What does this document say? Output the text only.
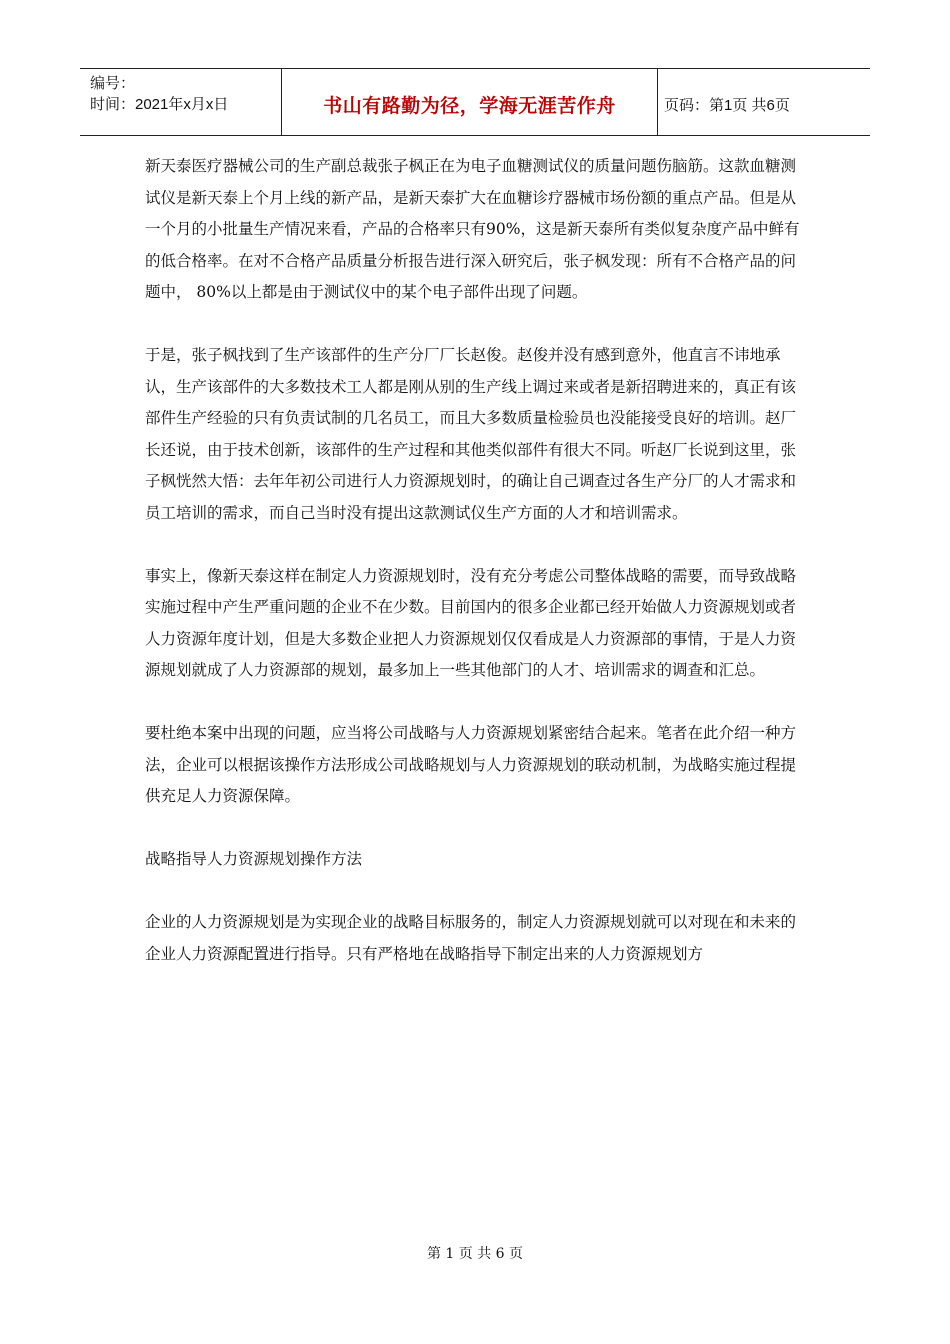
编号：
时间：2021年x月x日	书山有路勤为径，学海无涯苦作舟	页码：第1页 共6页

新天泰医疗器械公司的生产副总裁张子枫正在为电子血糖测试仪的质量问题伤脑筋。这款血糖测试仪是新天泰上个月上线的新产品，是新天泰扩大在血糖诊疗器械市场份额的重点产品。但是从一个月的小批量生产情况来看，产品的合格率只有90%，这是新天泰所有类似复杂度产品中鲜有的低合格率。在对不合格产品质量分析报告进行深入研究后，张子枫发现：所有不合格产品的问题中， 80%以上都是由于测试仪中的某个电子部件出现了问题。

于是，张子枫找到了生产该部件的生产分厂厂长赵俊。赵俊并没有感到意外，他直言不讳地承认，生产该部件的大多数技术工人都是刚从别的生产线上调过来或者是新招聘进来的，真正有该部件生产经验的只有负责试制的几名员工，而且大多数质量检验员也没能接受良好的培训。赵厂长还说，由于技术创新，该部件的生产过程和其他类似部件有很大不同。听赵厂长说到这里，张子枫恍然大悟：去年年初公司进行人力资源规划时，的确让自己调查过各生产分厂的人才需求和员工培训的需求，而自己当时没有提出这款测试仪生产方面的人才和培训需求。

事实上，像新天泰这样在制定人力资源规划时，没有充分考虑公司整体战略的需要，而导致战略实施过程中产生严重问题的企业不在少数。目前国内的很多企业都已经开始做人力资源规划或者人力资源年度计划，但是大多数企业把人力资源规划仅仅看成是人力资源部的事情，于是人力资源规划就成了人力资源部的规划，最多加上一些其他部门的人才、培训需求的调查和汇总。

要杜绝本案中出现的问题，应当将公司战略与人力资源规划紧密结合起来。笔者在此介绍一种方法，企业可以根据该操作方法形成公司战略规划与人力资源规划的联动机制，为战略实施过程提供充足人力资源保障。

战略指导人力资源规划操作方法

企业的人力资源规划是为实现企业的战略目标服务的，制定人力资源规划就可以对现在和未来的企业人力资源配置进行指导。只有严格地在战略指导下制定出来的人力资源规划方

第 1 页 共 6 页
